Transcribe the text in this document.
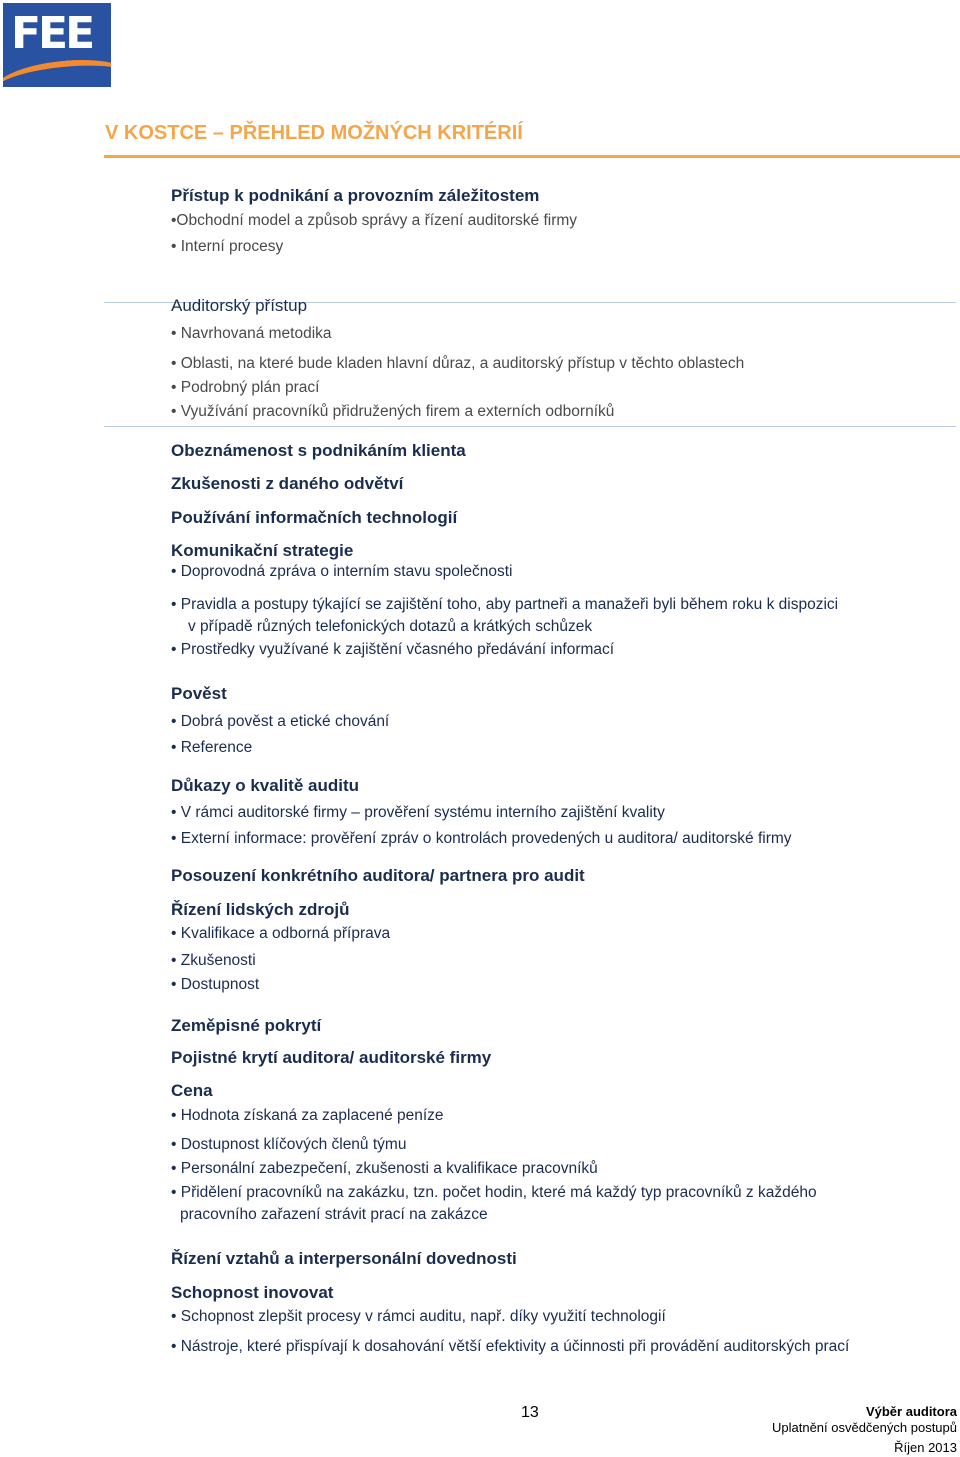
FEE
V KOSTCE – PŘEHLED MOŽNÝCH KRITÉRIÍ
Přístup k podnikání a provozním záležitostem
•Obchodní model a způsob správy a řízení auditorské firmy
• Interní procesy
Auditorský přístup
• Navrhovaná metodika
• Oblasti, na které bude kladen hlavní důraz, a auditorský přístup v těchto oblastech
• Podrobný plán prací
• Využívání pracovníků přidružených firem a externích odborníků
Obeznámenost s podnikáním klienta
Zkušenosti z daného odvětví
Používání informačních technologií
Komunikační strategie
• Doprovodná zpráva o interním stavu společnosti
• Pravidla a postupy týkající se zajištění toho, aby partneři a manažeři byli během roku k dispozici
v případě různých telefonických dotazů a krátkých schůzek
• Prostředky využívané k zajištění včasného předávání informací
Pověst
• Dobrá pověst a etické chování
• Reference
Důkazy o kvalitě auditu
• V rámci auditorské firmy – prověření systému interního zajištění kvality
• Externí informace: prověření zpráv o kontrolách provedených u auditora/ auditorské firmy
Posouzení konkrétního auditora/ partnera pro audit
Řízení lidských zdrojů
• Kvalifikace a odborná příprava
• Zkušenosti
• Dostupnost
Zeměpisné pokrytí
Pojistné krytí auditora/ auditorské firmy
Cena
• Hodnota získaná za zaplacené peníze
• Dostupnost klíčových členů týmu
• Personální zabezpečení, zkušenosti a kvalifikace pracovníků
• Přidělení pracovníků na zakázku, tzn. počet hodin, které má každý typ pracovníků z každého
pracovního zařazení strávit prací na zakázce
Řízení vztahů a interpersonální dovednosti
Schopnost inovovat
• Schopnost zlepšit procesy v rámci auditu, např. díky využití technologií
• Nástroje, které přispívají k dosahování větší efektivity a účinnosti při provádění auditorských prací
13	Výběr auditora
Uplatnění osvědčených postupů
Říjen 2013
